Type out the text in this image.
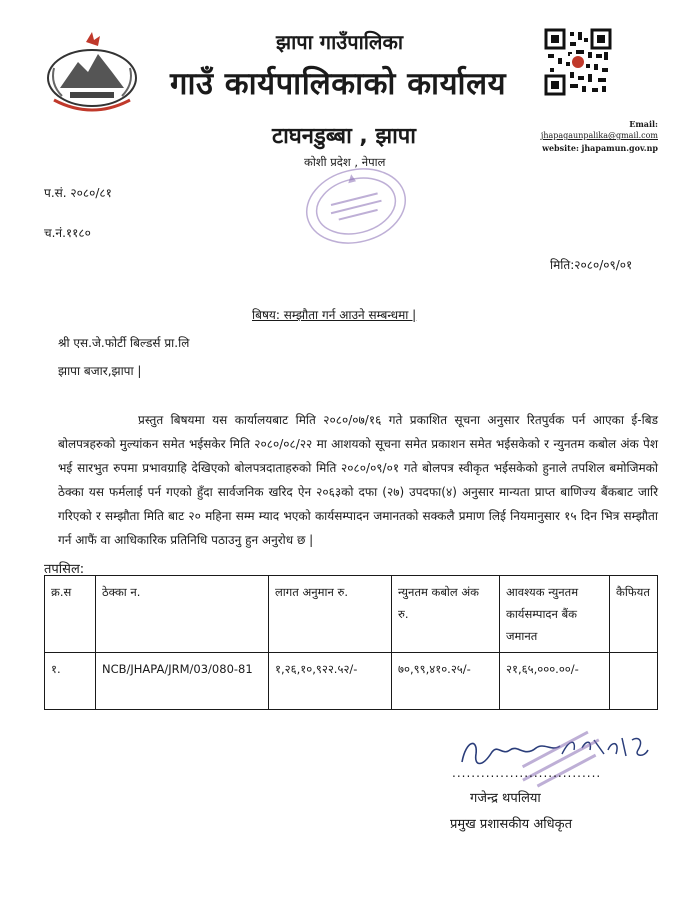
झापा गाउँपालिका
गाउँ कार्यपालिकाको कार्यालय
टाघनडुब्बा , झापा
कोशी प्रदेश , नेपाल
Email:
jhapagaunpalika@gmail.com
website: jhapamun.gov.np
प.सं. २०८०/८१
च.नं.११८०
मिति:२०८०/०९/०१
बिषय: सम्झौता गर्न आउने सम्बन्धमा |
श्री एस.जे.फोर्टी बिल्डर्स प्रा.लि
झापा बजार,झापा |
प्रस्तुत बिषयमा यस कार्यालयबाट मिति २०८०/०७/१६ गते प्रकाशित सूचना अनुसार रितपुर्वक पर्न आएका ई-बिड बोलपत्रहरुको मुल्यांकन समेत भईसकेर मिति २०८०/०८/२२ मा आशयको सूचना समेत प्रकाशन समेत भईसकेको र न्युनतम कबोल अंक पेश भई सारभुत रुपमा प्रभावग्राहि देखिएको बोलपत्रदाताहरुको मिति २०८०/०९/०१ गते बोलपत्र स्वीकृत भईसकेको हुनाले तपशिल बमोजिमको ठेक्का यस फर्मलाई पर्न गएको हुँदा सार्वजनिक खरिद ऐन २०६३को दफा (२७) उपदफा(४) अनुसार मान्यता प्राप्त बाणिज्य बैंकबाट जारि गरिएको र सम्झौता मिति बाट २० महिना सम्म म्याद भएको कार्यसम्पादन जमानतको सक्कलै प्रमाण लिई नियमानुसार १५ दिन भित्र सम्झौता गर्न आफैं वा आधिकारिक प्रतिनिधि पठाउनु हुन अनुरोध छ |
तपसिल:
क्र.स	ठेक्का न.	लागत अनुमान रु.	न्युनतम कबोल अंक रु.	आवश्यक न्युनतम कार्यसम्पादन बैंक जमानत	कैफियत
१.	NCB/JHAPA/JRM/03/080-81	१,२६,१०,९२२.५२/-	७०,९९,४१०.२५/-	२१,६५,०००.००/-	
...............................
गजेन्द्र थपलिया
प्रमुख प्रशासकीय अधिकृत
